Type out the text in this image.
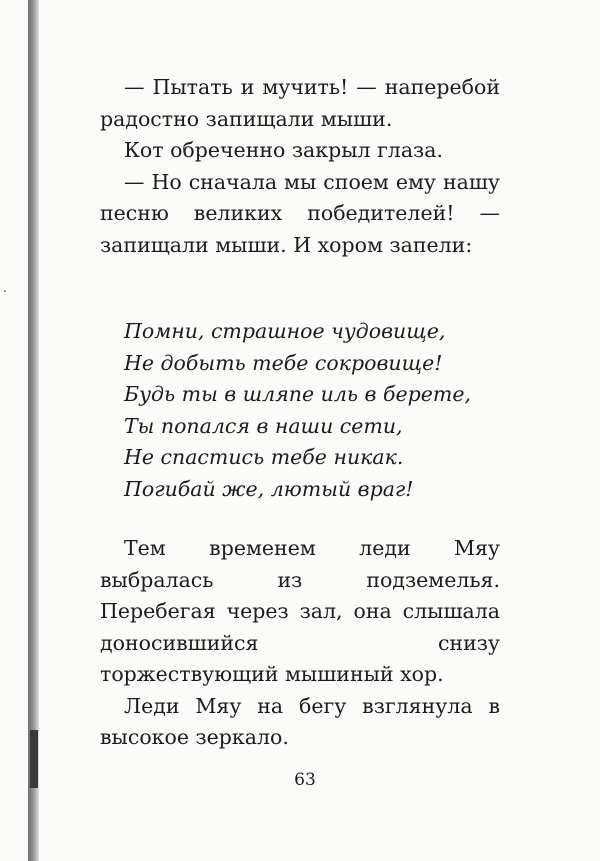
— Пытать и мучить! — наперебой радостно запищали мыши.

Кот обреченно закрыл глаза.

— Но сначала мы споем ему нашу песню великих победителей! — запищали мыши. И хором запели:

Помни, страшное чудовище,
Не добыть тебе сокровище!
Будь ты в шляпе иль в берете,
Ты попался в наши сети,
Не спастись тебе никак.
Погибай же, лютый враг!

Тем временем леди Мяу выбралась из подземелья. Перебегая через зал, она слышала доносившийся снизу торжествующий мышиный хор.

Леди Мяу на бегу взглянула в высокое зеркало.

63
